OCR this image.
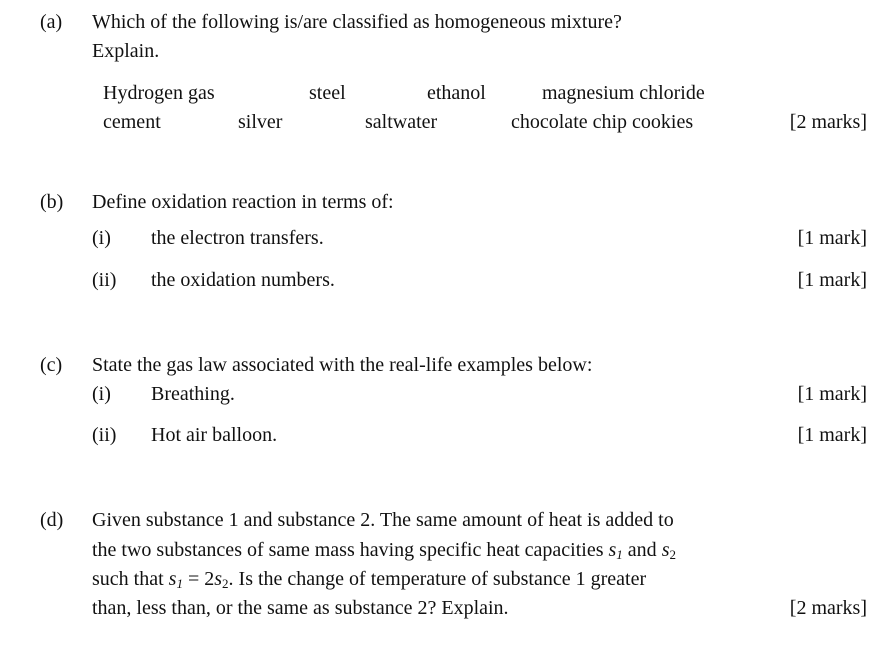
(a) Which of the following is/are classified as homogeneous mixture?
Explain.
Hydrogen gas	steel	ethanol	magnesium chloride
cement	silver	saltwater	chocolate chip cookies	[2 marks]
(b) Define oxidation reaction in terms of:
(i) the electron transfers.	[1 mark]
(ii) the oxidation numbers.	[1 mark]
(c) State the gas law associated with the real-life examples below:
(i) Breathing.	[1 mark]
(ii) Hot air balloon.	[1 mark]
(d) Given substance 1 and substance 2. The same amount of heat is added to
the two substances of same mass having specific heat capacities $s_1$ and $s_2$
such that $s_1 = 2s_2$. Is the change of temperature of substance 1 greater
than, less than, or the same as substance 2? Explain.	[2 marks]
